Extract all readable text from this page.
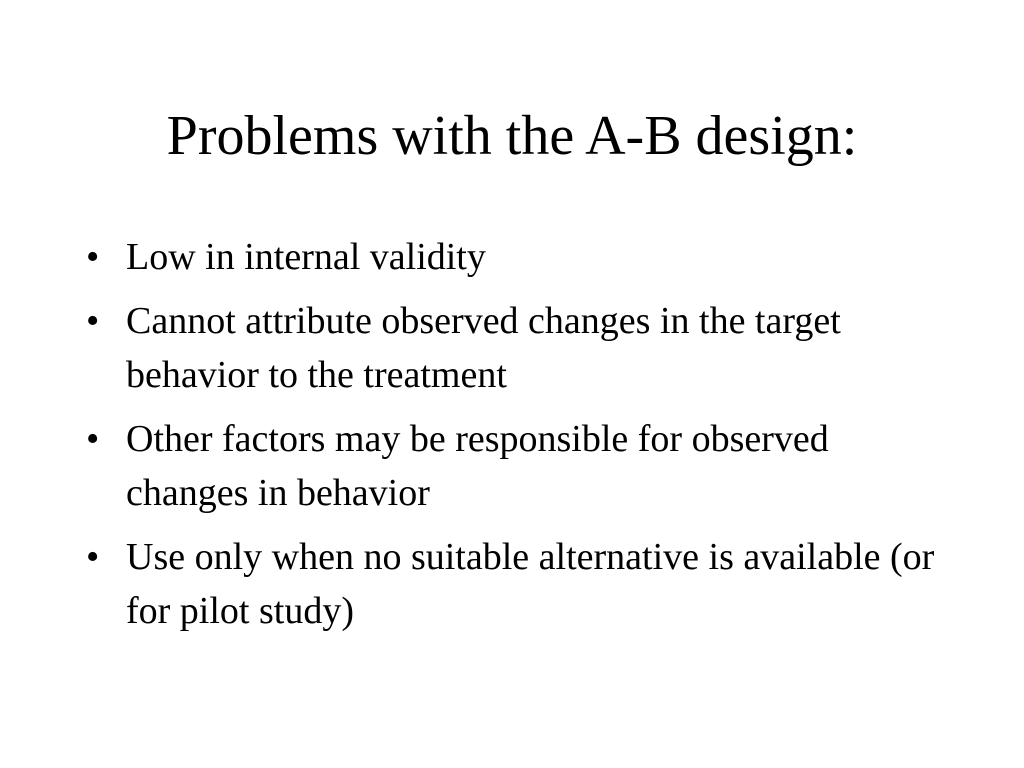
Problems with the A-B design:
• Low in internal validity
• Cannot attribute observed changes in the target behavior to the treatment
• Other factors may be responsible for observed changes in behavior
• Use only when no suitable alternative is available (or for pilot study)
